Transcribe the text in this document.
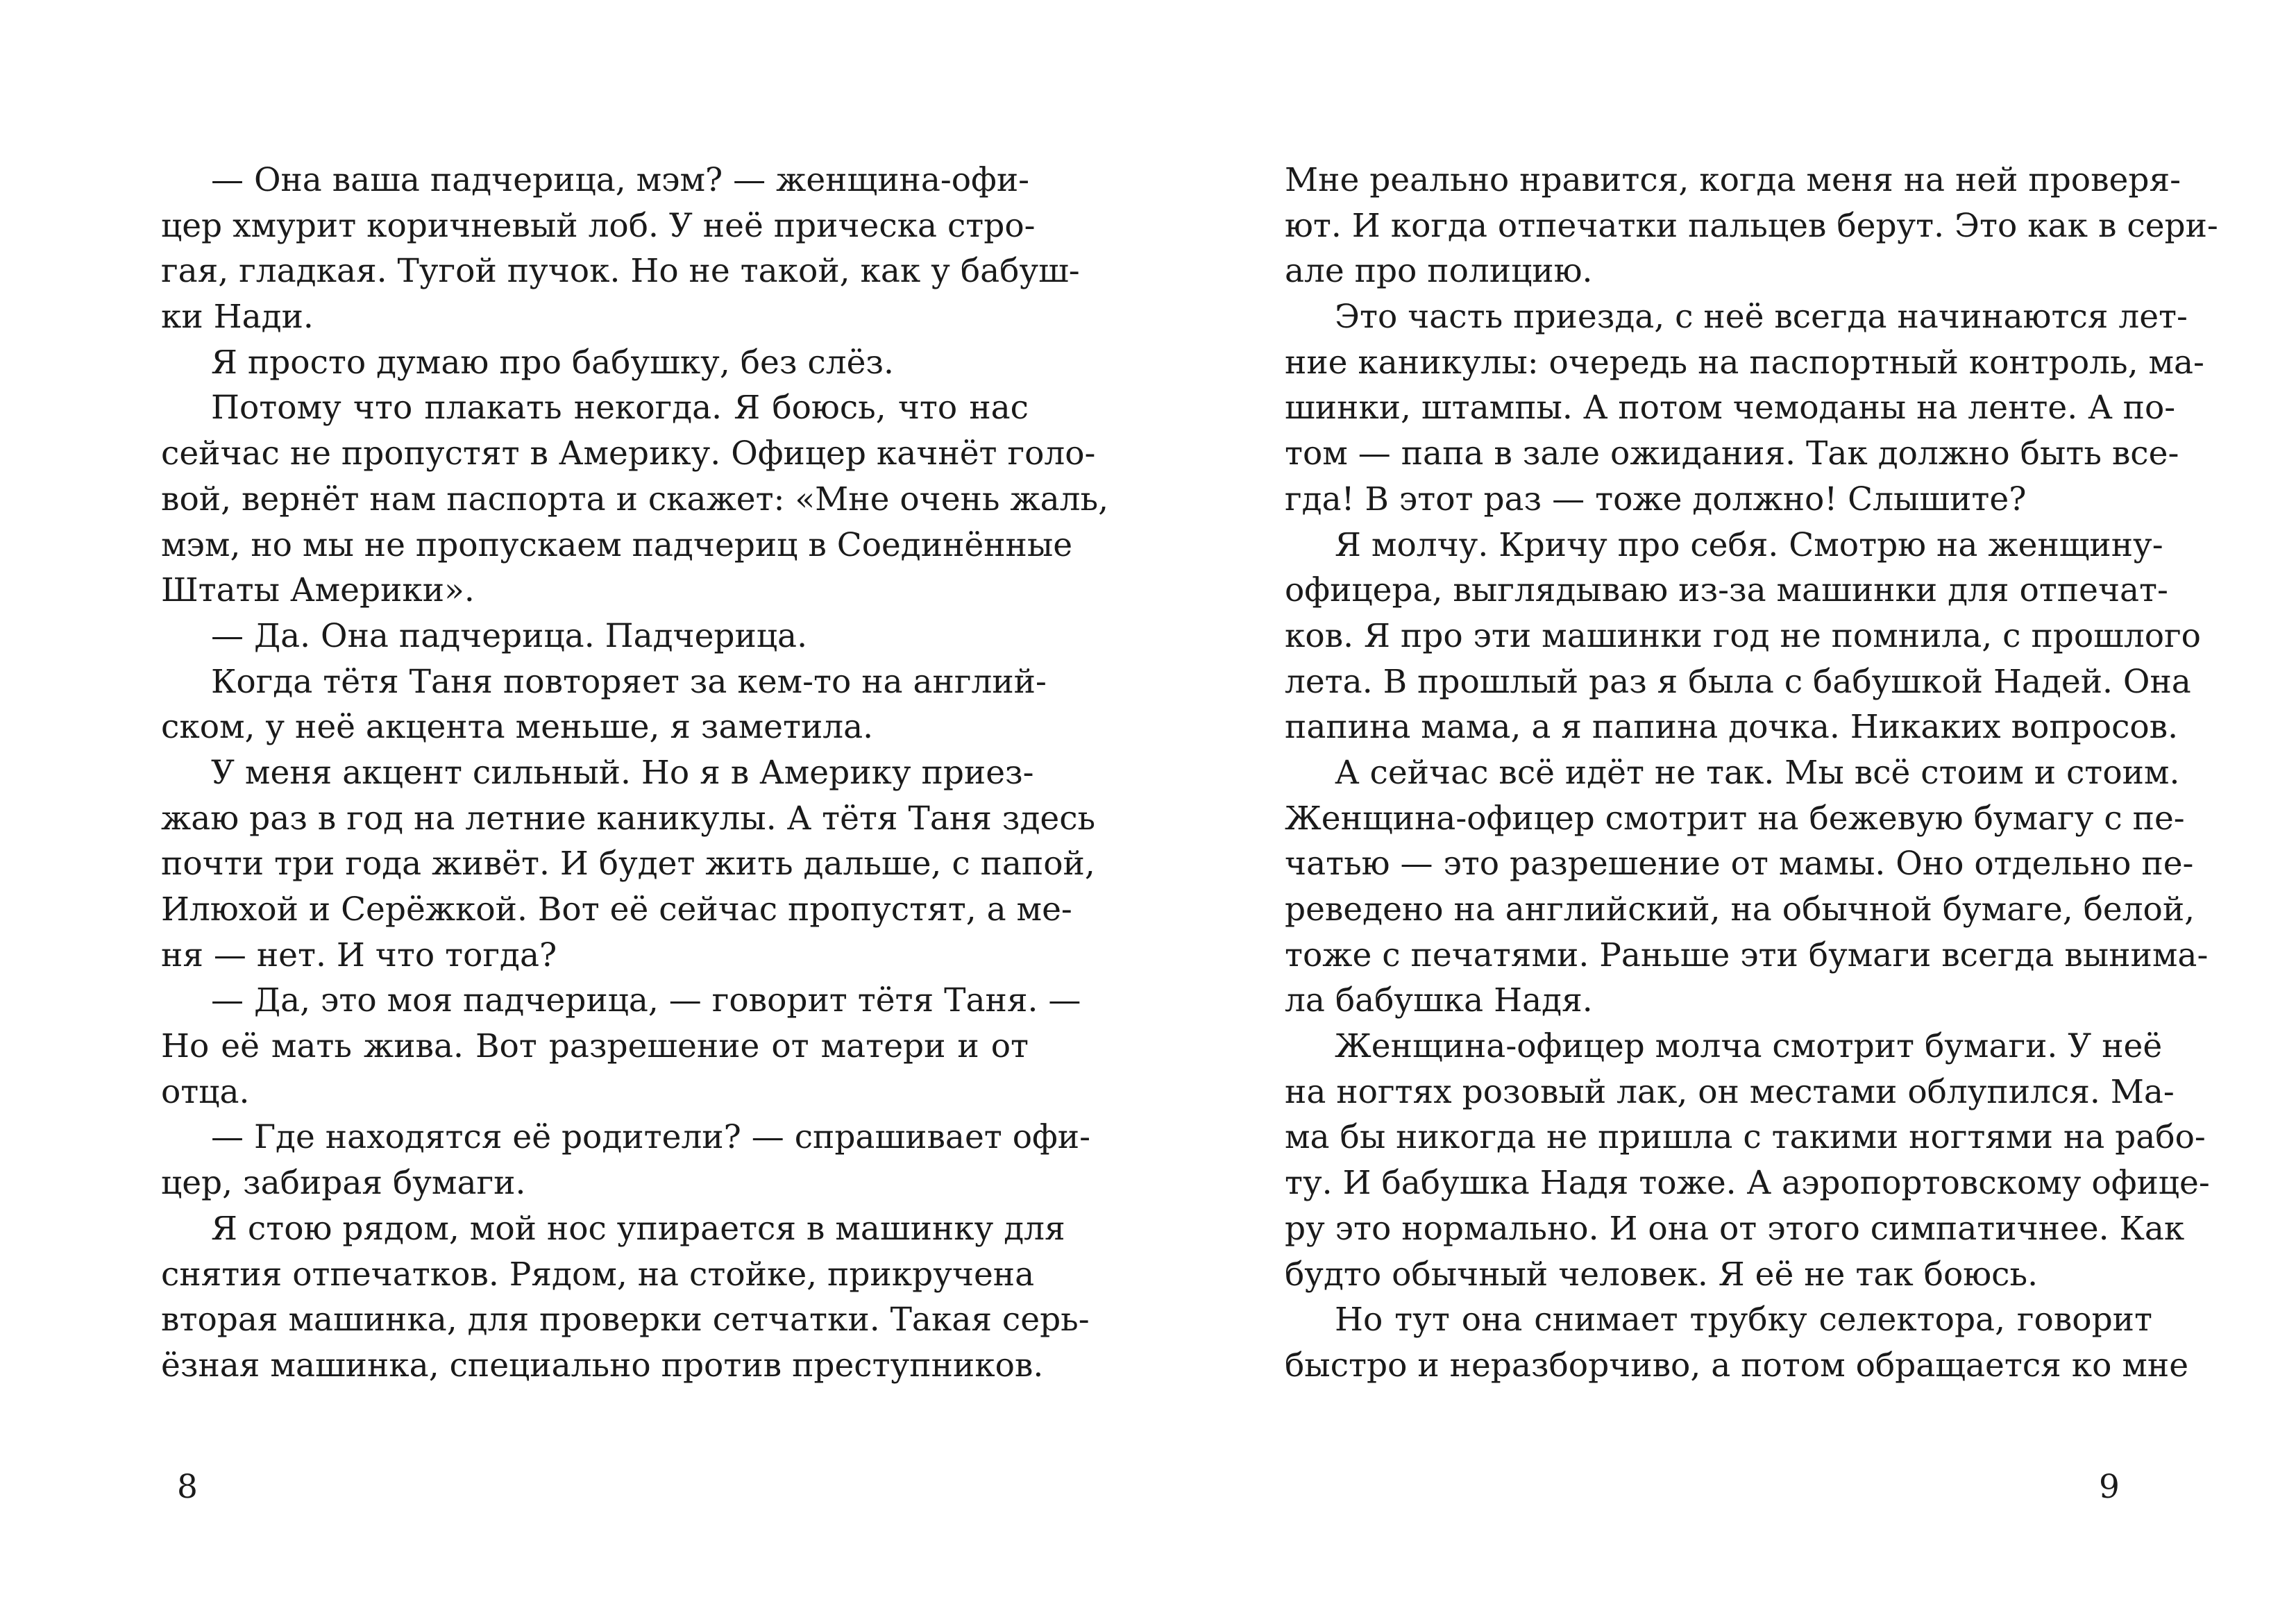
— Она ваша падчерица, мэм? — женщина-офи-
цер хмурит коричневый лоб. У неё прическа стро-
гая, гладкая. Тугой пучок. Но не такой, как у бабуш-
ки Нади.
Я просто думаю про бабушку, без слёз.
Потому что плакать некогда. Я боюсь, что нас
сейчас не пропустят в Америку. Офицер качнёт голо-
вой, вернёт нам паспорта и скажет: «Мне очень жаль,
мэм, но мы не пропускаем падчериц в Соединённые
Штаты Америки».
— Да. Она падчерица. Падчерица.
Когда тётя Таня повторяет за кем-то на англий-
ском, у неё акцента меньше, я заметила.
У меня акцент сильный. Но я в Америку приез-
жаю раз в год на летние каникулы. А тётя Таня здесь
почти три года живёт. И будет жить дальше, с папой,
Илюхой и Серёжкой. Вот её сейчас пропустят, а ме-
ня — нет. И что тогда?
— Да, это моя падчерица, — говорит тётя Таня. —
Но её мать жива. Вот разрешение от матери и от
отца.
— Где находятся её родители? — спрашивает офи-
цер, забирая бумаги.
Я стою рядом, мой нос упирается в машинку для
снятия отпечатков. Рядом, на стойке, прикручена
вторая машинка, для проверки сетчатки. Такая серь-
ёзная машинка, специально против преступников.
8
Мне реально нравится, когда меня на ней проверя-
ют. И когда отпечатки пальцев берут. Это как в сери-
але про полицию.
Это часть приезда, с неё всегда начинаются лет-
ние каникулы: очередь на паспортный контроль, ма-
шинки, штампы. А потом чемоданы на ленте. А по-
том — папа в зале ожидания. Так должно быть все-
гда! В этот раз — тоже должно! Слышите?
Я молчу. Кричу про себя. Смотрю на женщину-
офицера, выглядываю из-за машинки для отпечат-
ков. Я про эти машинки год не помнила, с прошлого
лета. В прошлый раз я была с бабушкой Надей. Она
папина мама, а я папина дочка. Никаких вопросов.
А сейчас всё идёт не так. Мы всё стоим и стоим.
Женщина-офицер смотрит на бежевую бумагу с пе-
чатью — это разрешение от мамы. Оно отдельно пе-
реведено на английский, на обычной бумаге, белой,
тоже с печатями. Раньше эти бумаги всегда вынима-
ла бабушка Надя.
Женщина-офицер молча смотрит бумаги. У неё
на ногтях розовый лак, он местами облупился. Ма-
ма бы никогда не пришла с такими ногтями на рабо-
ту. И бабушка Надя тоже. А аэропортовскому офице-
ру это нормально. И она от этого симпатичнее. Как
будто обычный человек. Я её не так боюсь.
Но тут она снимает трубку селектора, говорит
быстро и неразборчиво, а потом обращается ко мне
9
